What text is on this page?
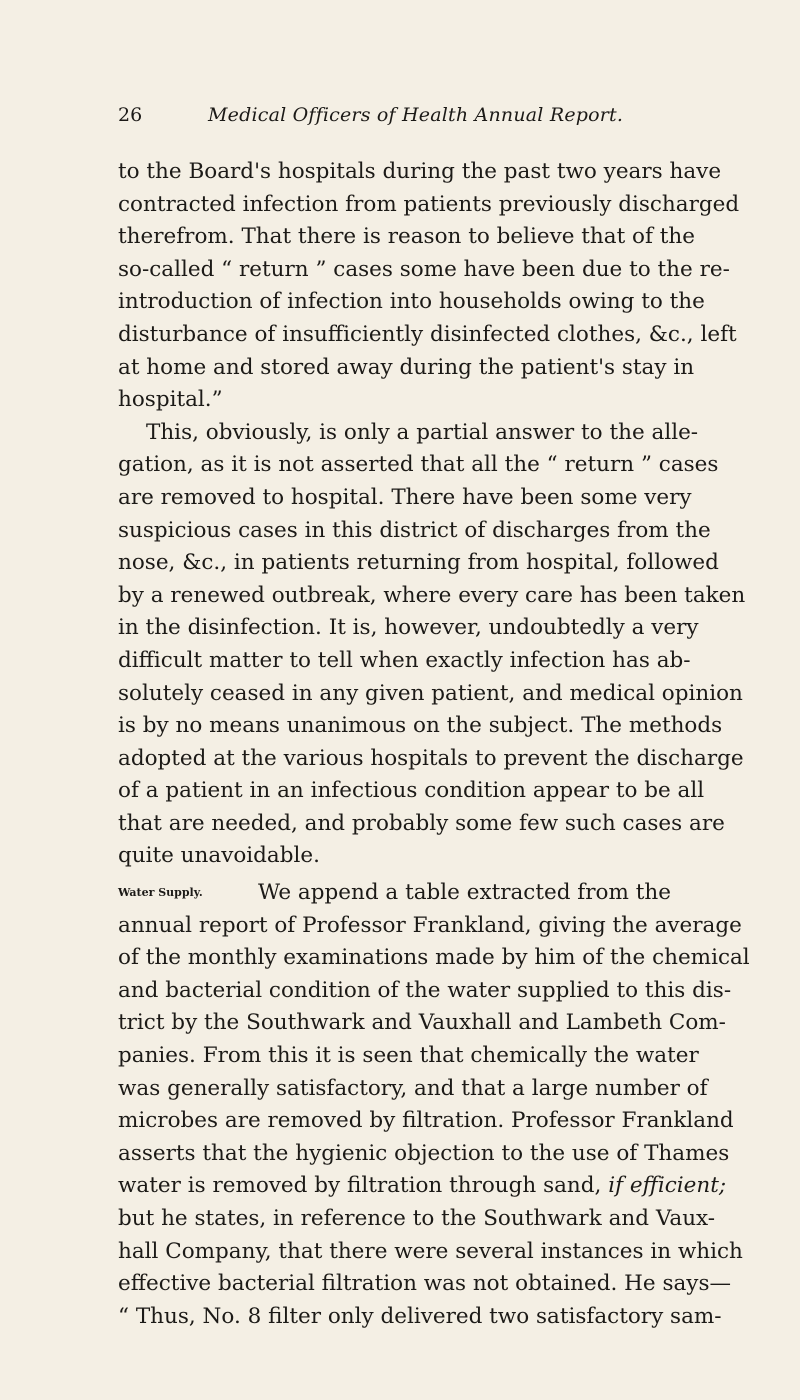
26	Medical Officers of Health Annual Report.
to the Board's hospitals during the past two years have
contracted infection from patients previously discharged
therefrom. That there is reason to believe that of the
so-called “ return ” cases some have been due to the re-
introduction of infection into households owing to the
disturbance of insufficiently disinfected clothes, &c., left
at home and stored away during the patient's stay in
hospital.”
This, obviously, is only a partial answer to the alle-
gation, as it is not asserted that all the “ return ” cases
are removed to hospital. There have been some very
suspicious cases in this district of discharges from the
nose, &c., in patients returning from hospital, followed
by a renewed outbreak, where every care has been taken
in the disinfection. It is, however, undoubtedly a very
difficult matter to tell when exactly infection has ab-
solutely ceased in any given patient, and medical opinion
is by no means unanimous on the subject. The methods
adopted at the various hospitals to prevent the discharge
of a patient in an infectious condition appear to be all
that are needed, and probably some few such cases are
quite unavoidable.
Water Supply.	We append a table extracted from the
annual report of Professor Frankland, giving the average
of the monthly examinations made by him of the chemical
and bacterial condition of the water supplied to this dis-
trict by the Southwark and Vauxhall and Lambeth Com-
panies. From this it is seen that chemically the water
was generally satisfactory, and that a large number of
microbes are removed by filtration. Professor Frankland
asserts that the hygienic objection to the use of Thames
water is removed by filtration through sand, if efficient;
but he states, in reference to the Southwark and Vaux-
hall Company, that there were several instances in which
effective bacterial filtration was not obtained. He says—
“ Thus, No. 8 filter only delivered two satisfactory sam-
